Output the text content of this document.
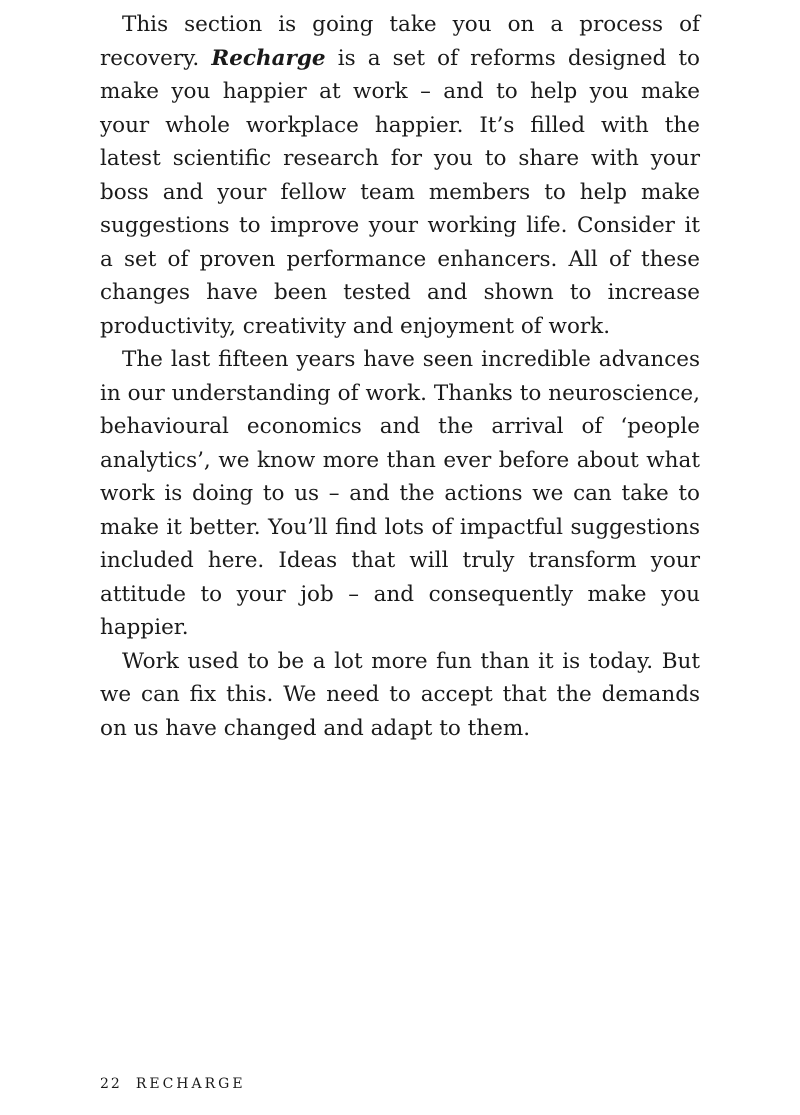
This section is going take you on a process of recovery. Recharge is a set of reforms designed to make you happier at work – and to help you make your whole workplace happier. It’s filled with the latest scientific research for you to share with your boss and your fellow team members to help make suggestions to improve your working life. Consider it a set of proven performance enhancers. All of these changes have been tested and shown to increase productivity, creativity and enjoyment of work.

The last fifteen years have seen incredible advances in our understanding of work. Thanks to neuroscience, behavioural economics and the arrival of ‘people analytics’, we know more than ever before about what work is doing to us – and the actions we can take to make it better. You’ll find lots of impactful suggestions included here. Ideas that will truly transform your attitude to your job – and consequently make you happier.

Work used to be a lot more fun than it is today. But we can fix this. We need to accept that the demands on us have changed and adapt to them.

22 RECHARGE
